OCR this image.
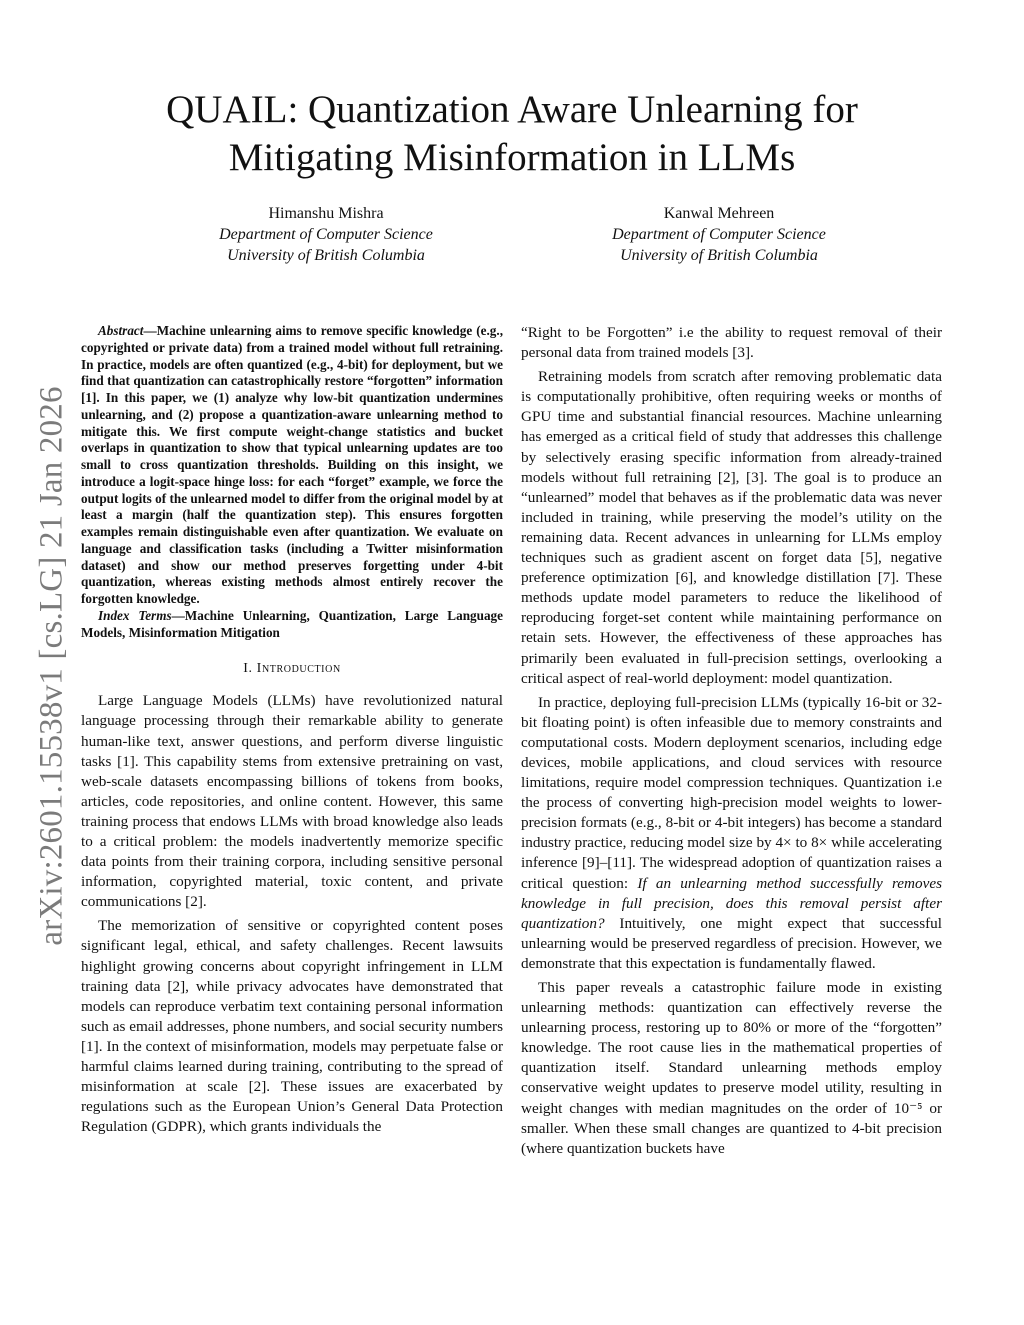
arXiv:2601.15538v1 [cs.LG] 21 Jan 2026
QUAIL: Quantization Aware Unlearning for
Mitigating Misinformation in LLMs
Himanshu Mishra
Department of Computer Science
University of British Columbia
Kanwal Mehreen
Department of Computer Science
University of British Columbia

Abstract—Machine unlearning aims to remove specific knowledge (e.g., copyrighted or private data) from a trained model without full retraining. In practice, models are often quantized (e.g., 4-bit) for deployment, but we find that quantization can catastrophically restore “forgotten” information [1]. In this paper, we (1) analyze why low-bit quantization undermines unlearning, and (2) propose a quantization-aware unlearning method to mitigate this. We first compute weight-change statistics and bucket overlaps in quantization to show that typical unlearning updates are too small to cross quantization thresholds. Building on this insight, we introduce a logit-space hinge loss: for each “forget” example, we force the output logits of the unlearned model to differ from the original model by at least a margin (half the quantization step). This ensures forgotten examples remain distinguishable even after quantization. We evaluate on language and classification tasks (including a Twitter misinformation dataset) and show our method preserves forgetting under 4-bit quantization, whereas existing methods almost entirely recover the forgotten knowledge.

Index Terms—Machine Unlearning, Quantization, Large Language Models, Misinformation Mitigation

I. Introduction

Large Language Models (LLMs) have revolutionized natural language processing through their remarkable ability to generate human-like text, answer questions, and perform diverse linguistic tasks [1]. This capability stems from extensive pretraining on vast, web-scale datasets encompassing billions of tokens from books, articles, code repositories, and online content. However, this same training process that endows LLMs with broad knowledge also leads to a critical problem: the models inadvertently memorize specific data points from their training corpora, including sensitive personal information, copyrighted material, toxic content, and private communications [2].

The memorization of sensitive or copyrighted content poses significant legal, ethical, and safety challenges. Recent lawsuits highlight growing concerns about copyright infringement in LLM training data [2], while privacy advocates have demonstrated that models can reproduce verbatim text containing personal information such as email addresses, phone numbers, and social security numbers [1]. In the context of misinformation, models may perpetuate false or harmful claims learned during training, contributing to the spread of misinformation at scale [2]. These issues are exacerbated by regulations such as the European Union’s General Data Protection Regulation (GDPR), which grants individuals the

“Right to be Forgotten” i.e the ability to request removal of their personal data from trained models [3].

Retraining models from scratch after removing problematic data is computationally prohibitive, often requiring weeks or months of GPU time and substantial financial resources. Machine unlearning has emerged as a critical field of study that addresses this challenge by selectively erasing specific information from already-trained models without full retraining [2], [3]. The goal is to produce an “unlearned” model that behaves as if the problematic data was never included in training, while preserving the model’s utility on the remaining data. Recent advances in unlearning for LLMs employ techniques such as gradient ascent on forget data [5], negative preference optimization [6], and knowledge distillation [7]. These methods update model parameters to reduce the likelihood of reproducing forget-set content while maintaining performance on retain sets. However, the effectiveness of these approaches has primarily been evaluated in full-precision settings, overlooking a critical aspect of real-world deployment: model quantization.

In practice, deploying full-precision LLMs (typically 16-bit or 32-bit floating point) is often infeasible due to memory constraints and computational costs. Modern deployment scenarios, including edge devices, mobile applications, and cloud services with resource limitations, require model compression techniques. Quantization i.e the process of converting high-precision model weights to lower-precision formats (e.g., 8-bit or 4-bit integers) has become a standard industry practice, reducing model size by 4× to 8× while accelerating inference [9]–[11]. The widespread adoption of quantization raises a critical question: If an unlearning method successfully removes knowledge in full precision, does this removal persist after quantization? Intuitively, one might expect that successful unlearning would be preserved regardless of precision. However, we demonstrate that this expectation is fundamentally flawed.

This paper reveals a catastrophic failure mode in existing unlearning methods: quantization can effectively reverse the unlearning process, restoring up to 80% or more of the “forgotten” knowledge. The root cause lies in the mathematical properties of quantization itself. Standard unlearning methods employ conservative weight updates to preserve model utility, resulting in weight changes with median magnitudes on the order of 10⁻⁵ or smaller. When these small changes are quantized to 4-bit precision (where quantization buckets have
